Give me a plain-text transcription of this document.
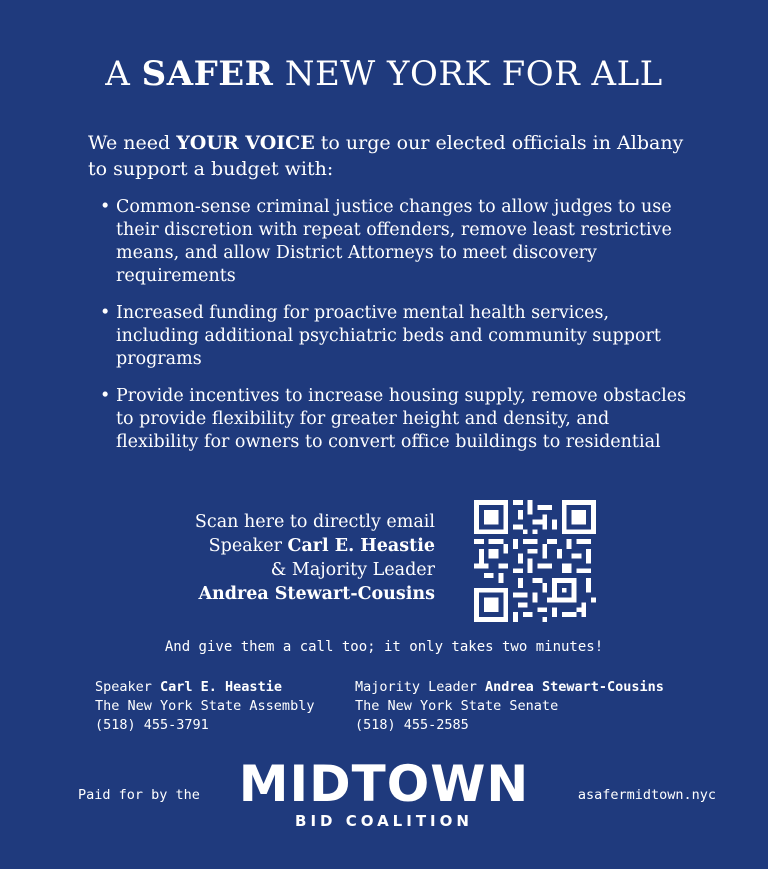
A SAFER NEW YORK FOR ALL
We need YOUR VOICE to urge our elected officials in Albany to support a budget with:
• Common-sense criminal justice changes to allow judges to use their discretion with repeat offenders, remove least restrictive means, and allow District Attorneys to meet discovery requirements
• Increased funding for proactive mental health services, including additional psychiatric beds and community support programs
• Provide incentives to increase housing supply, remove obstacles to provide flexibility for greater height and density, and flexibility for owners to convert office buildings to residential
Scan here to directly email
Speaker Carl E. Heastie
& Majority Leader
Andrea Stewart-Cousins
And give them a call too; it only takes two minutes!
Speaker Carl E. Heastie
The New York State Assembly
(518) 455-3791
Majority Leader Andrea Stewart-Cousins
The New York State Senate
(518) 455-2585
Paid for by the MIDTOWN
BID COALITION
asafermidtown.nyc
